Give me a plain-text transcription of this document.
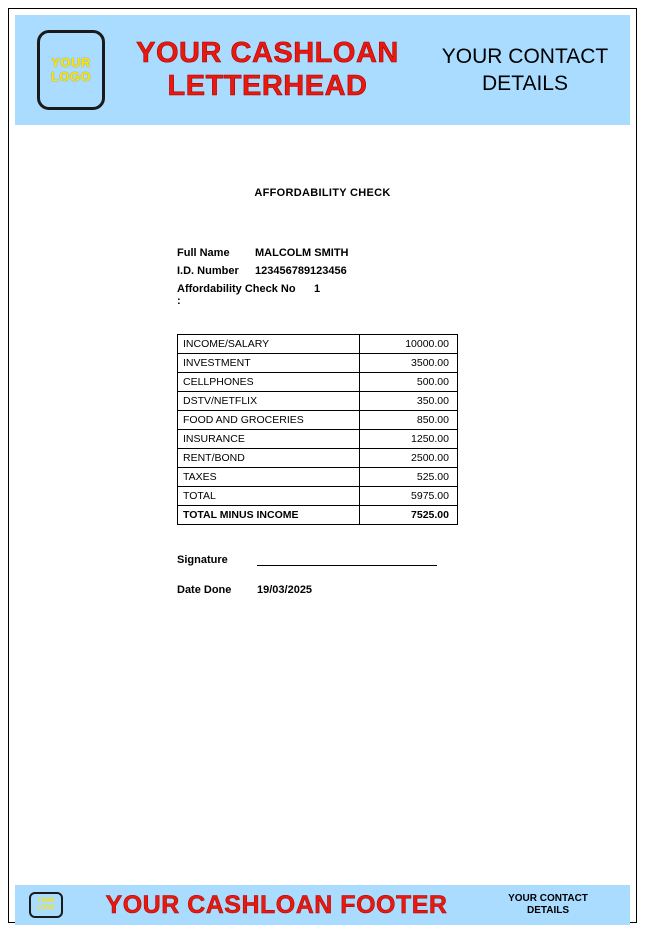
YOUR
LOGO
YOUR CASHLOAN
LETTERHEAD
YOUR CONTACT DETAILS
AFFORDABILITY CHECK
Full Name	MALCOLM SMITH
I.D. Number	123456789123456
Affordability Check No :
1
INCOME/SALARY	10000.00
INVESTMENT	3500.00
CELLPHONES	500.00
DSTV/NETFLIX	350.00
FOOD AND GROCERIES	850.00
INSURANCE	1250.00
RENT/BOND	2500.00
TAXES	525.00
TOTAL	5975.00
TOTAL MINUS INCOME	7525.00
Signature
Date Done	19/03/2025
YOUR
LOGO	YOUR CASHLOAN FOOTER	YOUR CONTACT
DETAILS
